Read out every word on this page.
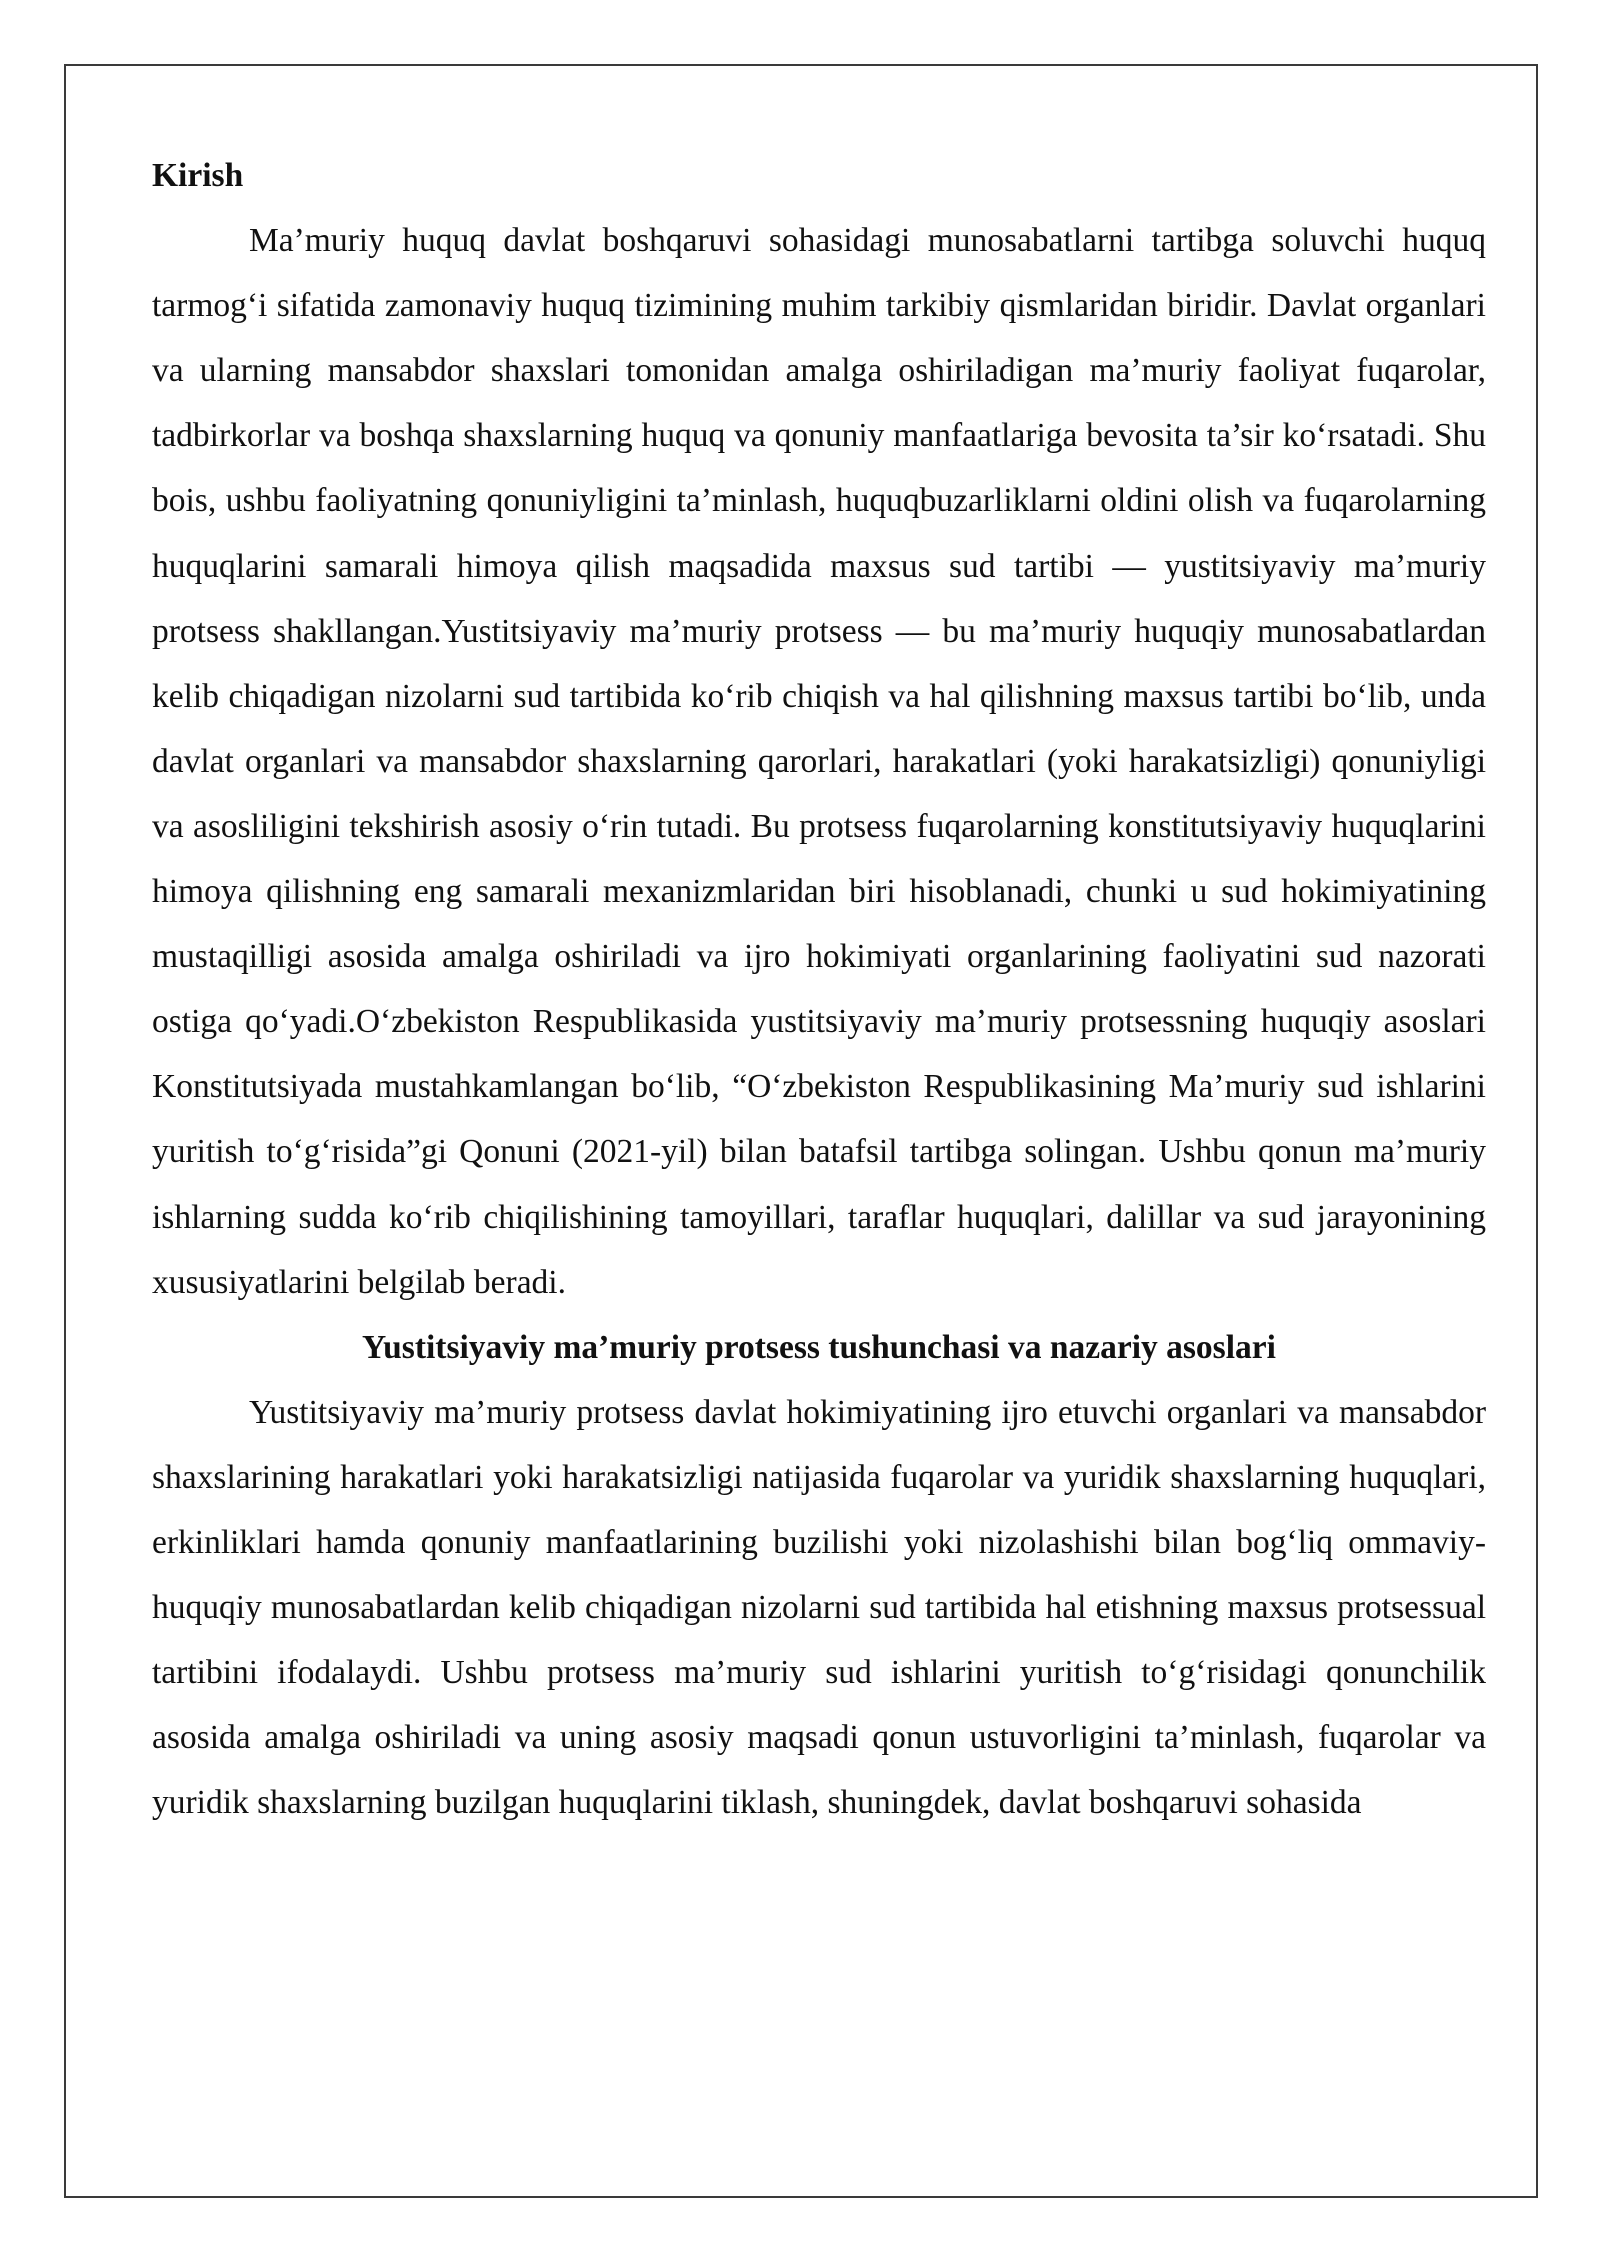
Kirish

Ma’muriy huquq davlat boshqaruvi sohasidagi munosabatlarni tartibga soluvchi huquq tarmog‘i sifatida zamonaviy huquq tizimining muhim tarkibiy qismlaridan biridir. Davlat organlari va ularning mansabdor shaxslari tomonidan amalga oshiriladigan ma’muriy faoliyat fuqarolar, tadbirkorlar va boshqa shaxslarning huquq va qonuniy manfaatlariga bevosita ta’sir ko‘rsatadi. Shu bois, ushbu faoliyatning qonuniyligini ta’minlash, huquqbuzarliklarni oldini olish va fuqarolarning huquqlarini samarali himoya qilish maqsadida maxsus sud tartibi — yustitsiyaviy ma’muriy protsess shakllangan.Yustitsiyaviy ma’muriy protsess — bu ma’muriy huquqiy munosabatlardan kelib chiqadigan nizolarni sud tartibida ko‘rib chiqish va hal qilishning maxsus tartibi bo‘lib, unda davlat organlari va mansabdor shaxslarning qarorlari, harakatlari (yoki harakatsizligi) qonuniyligi va asosliligini tekshirish asosiy o‘rin tutadi. Bu protsess fuqarolarning konstitutsiyaviy huquqlarini himoya qilishning eng samarali mexanizmlaridan biri hisoblanadi, chunki u sud hokimiyatining mustaqilligi asosida amalga oshiriladi va ijro hokimiyati organlarining faoliyatini sud nazorati ostiga qo‘yadi.O‘zbekiston Respublikasida yustitsiyaviy ma’muriy protsessning huquqiy asoslari Konstitutsiyada mustahkamlangan bo‘lib, “O‘zbekiston Respublikasining Ma’muriy sud ishlarini yuritish to‘g‘risida”gi Qonuni (2021-yil) bilan batafsil tartibga solingan. Ushbu qonun ma’muriy ishlarning sudda ko‘rib chiqilishining tamoyillari, taraflar huquqlari, dalillar va sud jarayonining xususiyatlarini belgilab beradi.

Yustitsiyaviy ma’muriy protsess tushunchasi va nazariy asoslari

Yustitsiyaviy ma’muriy protsess davlat hokimiyatining ijro etuvchi organlari va mansabdor shaxslarining harakatlari yoki harakatsizligi natijasida fuqarolar va yuridik shaxslarning huquqlari, erkinliklari hamda qonuniy manfaatlarining buzilishi yoki nizolashishi bilan bog‘liq ommaviy-huquqiy munosabatlardan kelib chiqadigan nizolarni sud tartibida hal etishning maxsus protsessual tartibini ifodalaydi. Ushbu protsess ma’muriy sud ishlarini yuritish to‘g‘risidagi qonunchilik asosida amalga oshiriladi va uning asosiy maqsadi qonun ustuvorligini ta’minlash, fuqarolar va yuridik shaxslarning buzilgan huquqlarini tiklash, shuningdek, davlat boshqaruvi sohasida
